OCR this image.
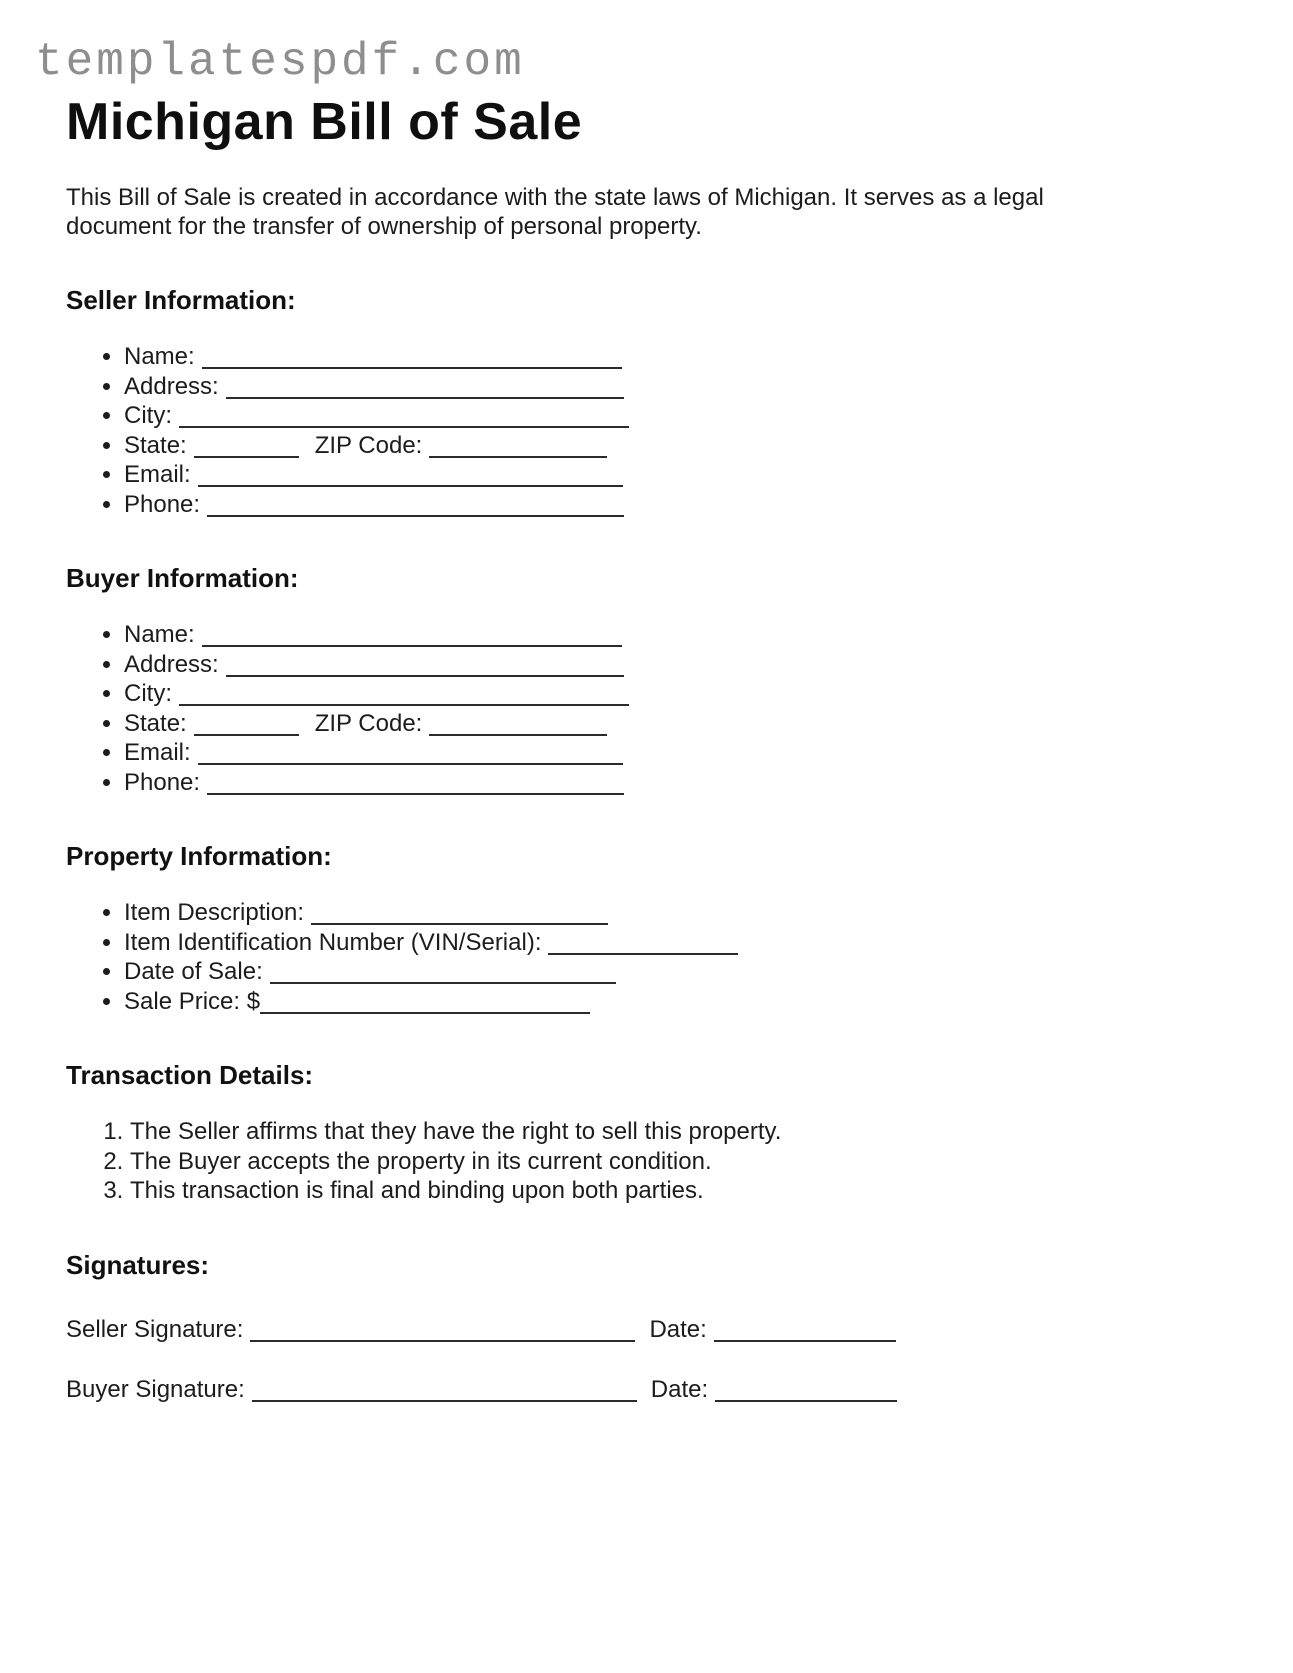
templatespdf.com
Michigan Bill of Sale

This Bill of Sale is created in accordance with the state laws of Michigan. It serves as a legal document for the transfer of ownership of personal property.

Seller Information:
• Name:
• Address:
• City:
• State:	ZIP Code:
• Email:
• Phone:
Buyer Information:
• Name:
• Address:
• City:
• State:	ZIP Code:
• Email:
• Phone:
Property Information:
• Item Description:
• Item Identification Number (VIN/Serial):
• Date of Sale:
• Sale Price: $
Transaction Details:
1. The Seller affirms that they have the right to sell this property.
2. The Buyer accepts the property in its current condition.
3. This transaction is final and binding upon both parties.
Signatures:
Seller Signature:	Date:
Buyer Signature:	Date:
